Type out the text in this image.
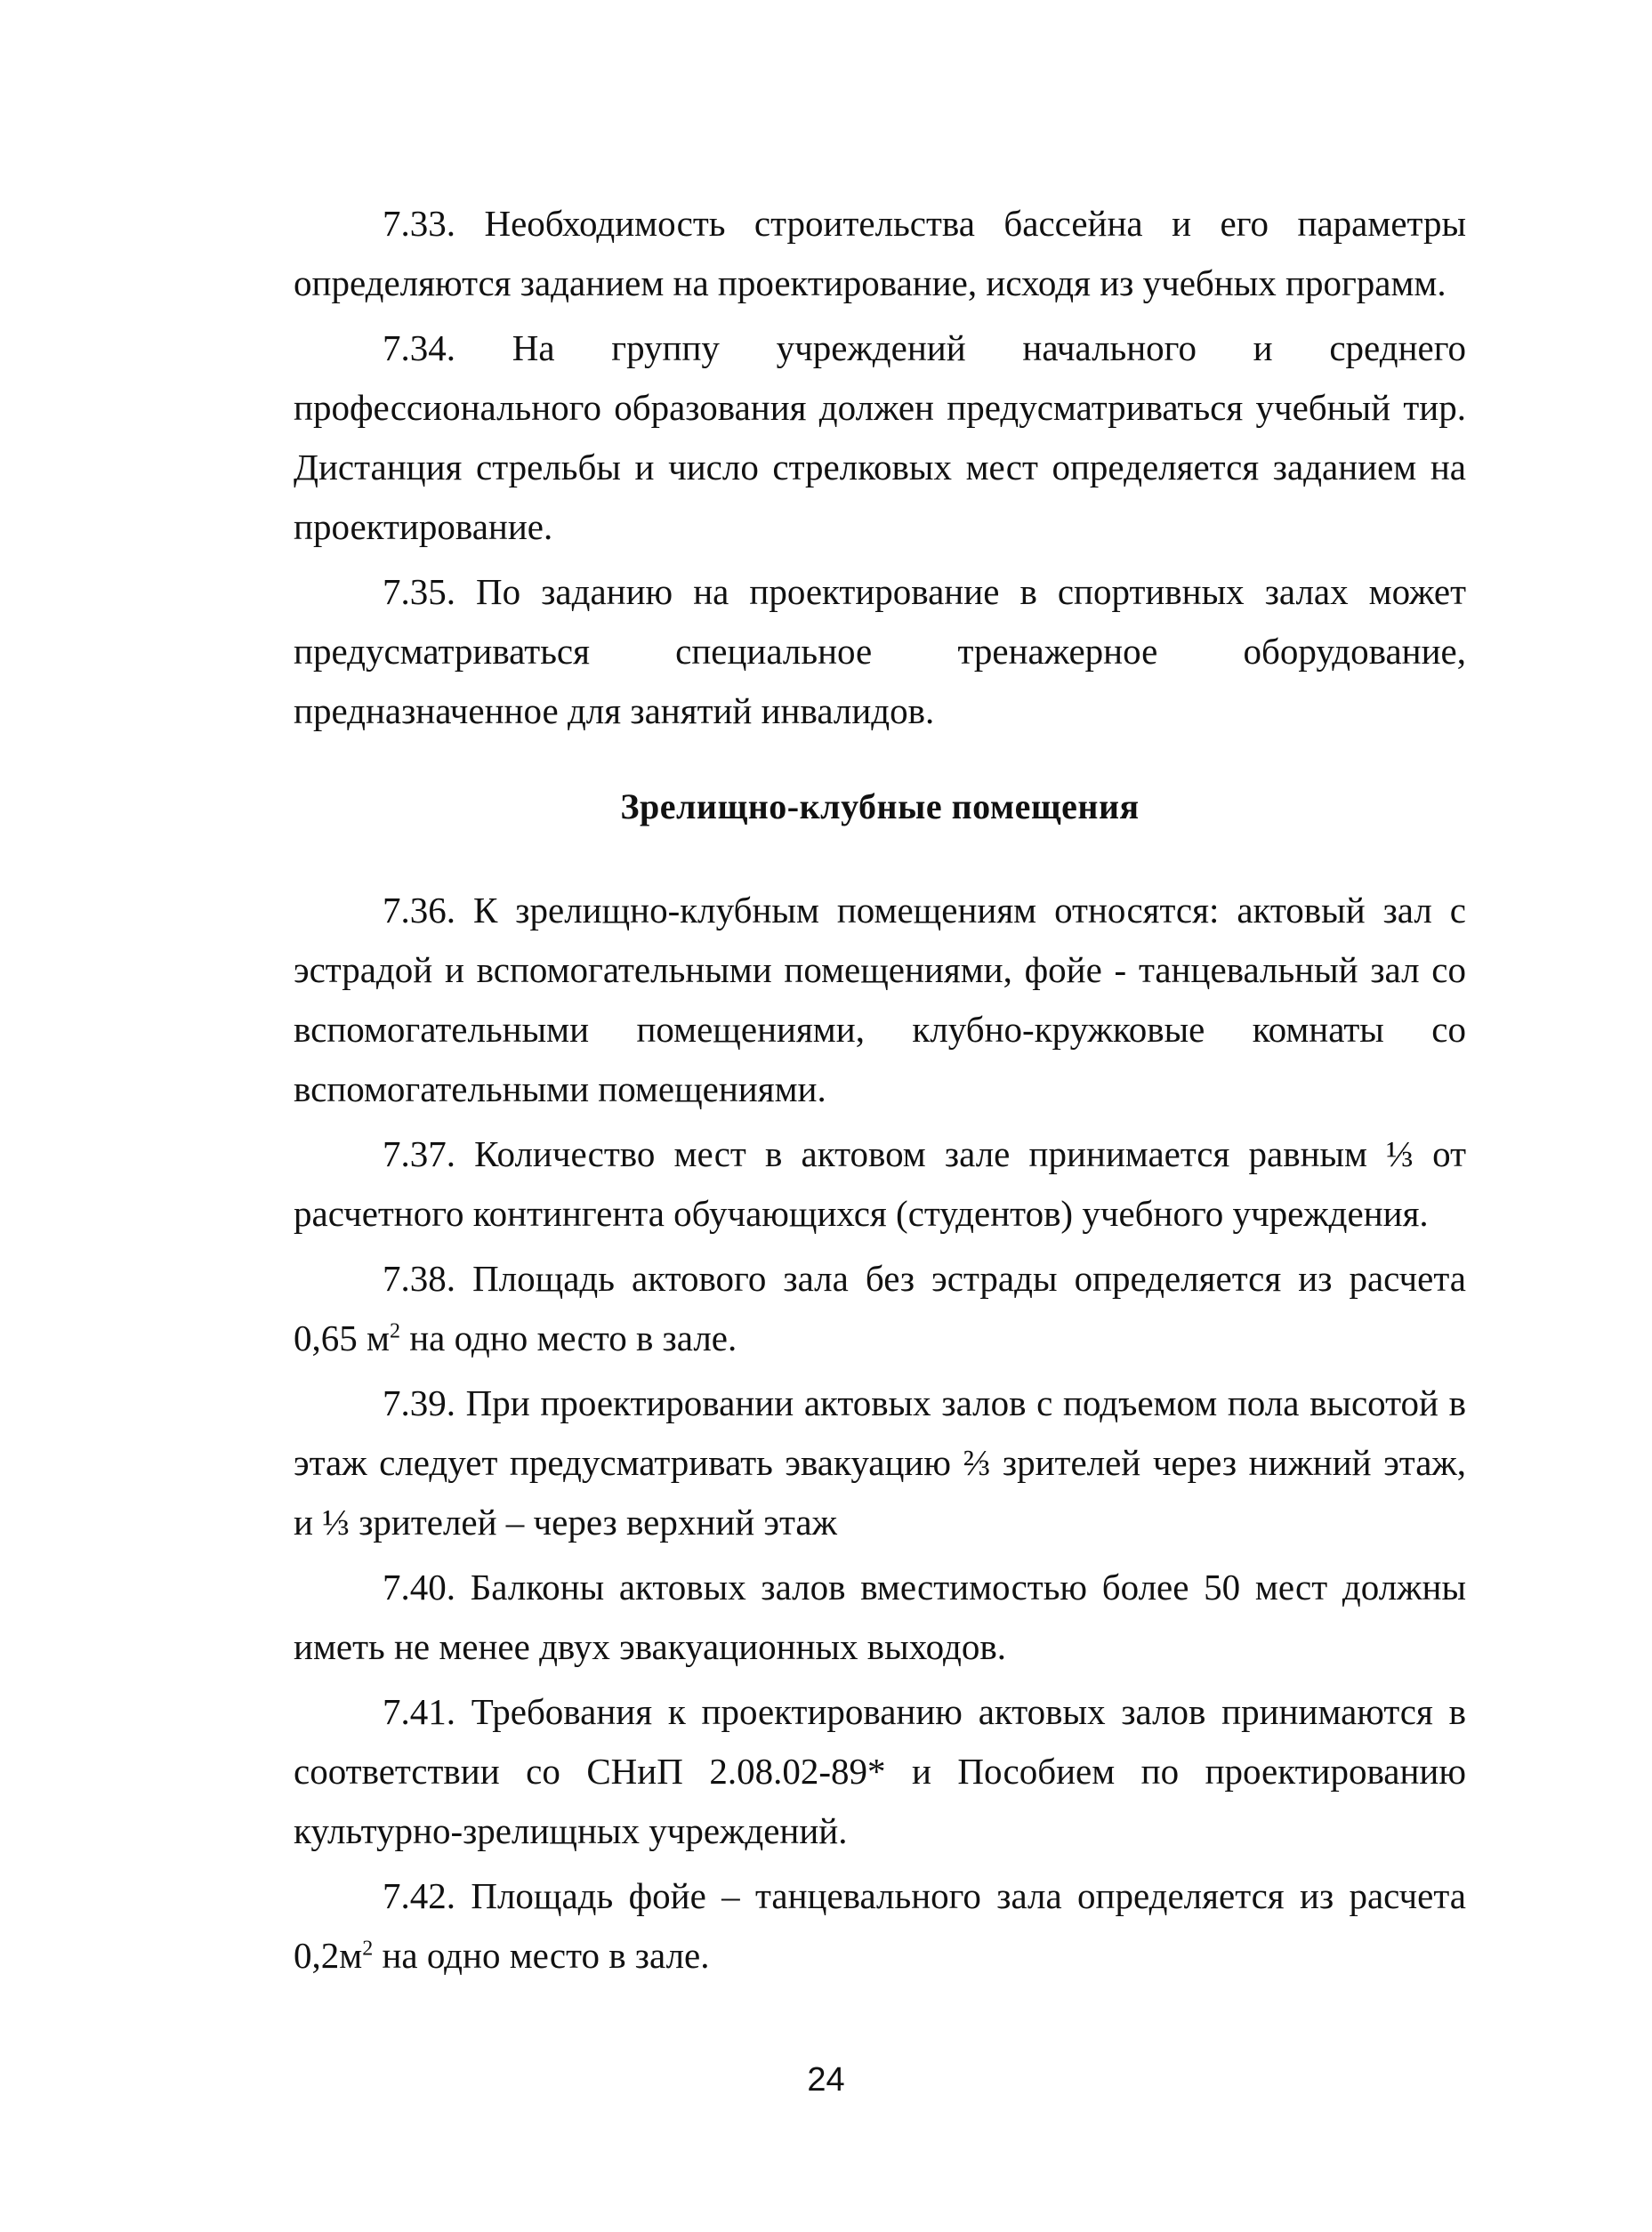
7.33. Необходимость строительства бассейна и его параметры определяются заданием на проектирование, исходя из учебных программ.

7.34. На группу учреждений начального и среднего профессионального образования должен предусматриваться учебный тир. Дистанция стрельбы и число стрелковых мест определяется заданием на проектирование.

7.35. По заданию на проектирование в спортивных залах может предусматриваться специальное тренажерное оборудование, предназначенное для занятий инвалидов.

Зрелищно-клубные помещения

7.36. К зрелищно-клубным помещениям относятся: актовый зал с эстрадой и вспомогательными помещениями, фойе - танцевальный зал со вспомогательными помещениями, клубно-кружковые комнаты со вспомогательными помещениями.

7.37. Количество мест в актовом зале принимается равным ⅓ от расчетного контингента обучающихся (студентов) учебного учреждения.

7.38. Площадь актового зала без эстрады определяется из расчета 0,65 $м^2$ на одно место в зале.

7.39. При проектировании актовых залов с подъемом пола высотой в этаж следует предусматривать эвакуацию ⅔ зрителей через нижний этаж, и ⅓ зрителей – через верхний этаж

7.40. Балконы актовых залов вместимостью более 50 мест должны иметь не менее двух эвакуационных выходов.

7.41. Требования к проектированию актовых залов принимаются в соответствии со СНиП 2.08.02-89* и Пособием по проектированию культурно-зрелищных учреждений.

7.42. Площадь фойе – танцевального зала определяется из расчета $0,2м^2$ на одно место в зале.

24
